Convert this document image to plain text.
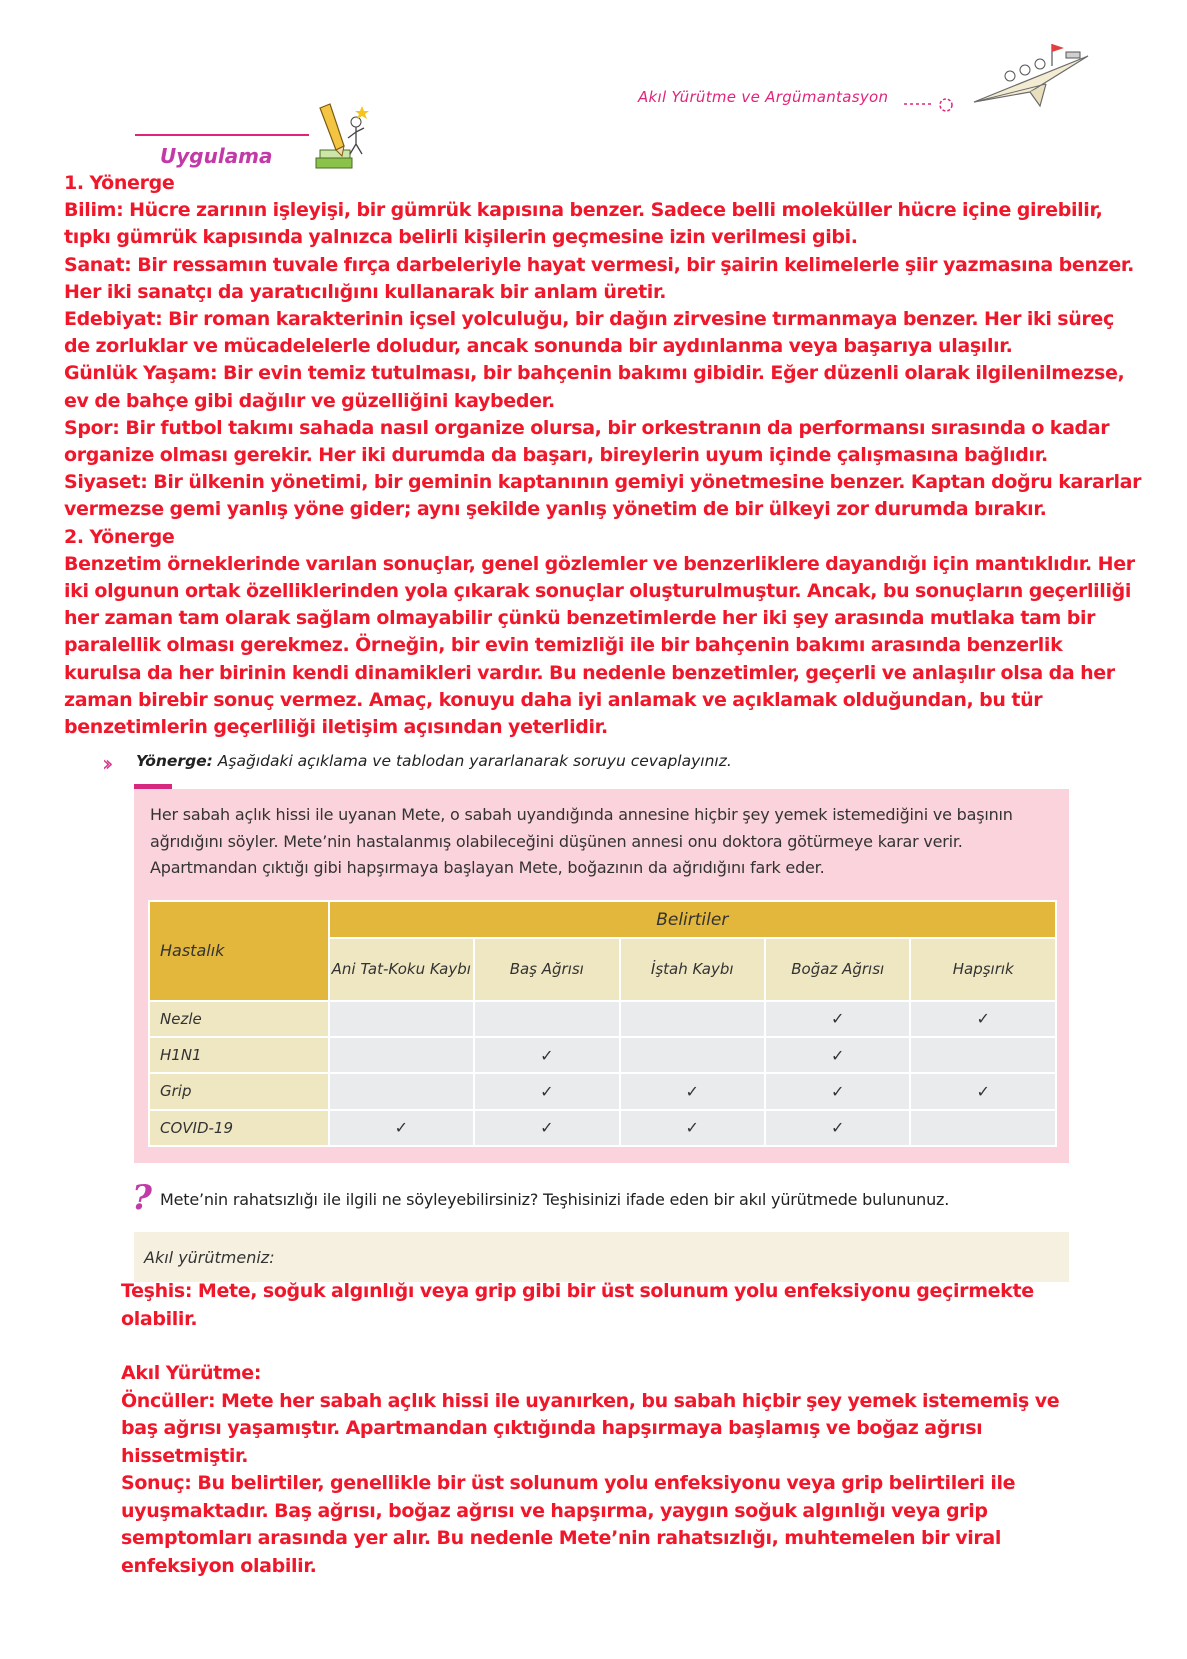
Akıl Yürütme ve Argümantasyon
Uygulama

1. Yönerge

Bilim: Hücre zarının işleyişi, bir gümrük kapısına benzer. Sadece belli moleküller hücre içine girebilir, tıpkı gümrük kapısında yalnızca belirli kişilerin geçmesine izin verilmesi gibi.

Sanat: Bir ressamın tuvale fırça darbeleriyle hayat vermesi, bir şairin kelimelerle şiir yazmasına benzer. Her iki sanatçı da yaratıcılığını kullanarak bir anlam üretir.

Edebiyat: Bir roman karakterinin içsel yolculuğu, bir dağın zirvesine tırmanmaya benzer. Her iki süreç de zorluklar ve mücadelelerle doludur, ancak sonunda bir aydınlanma veya başarıya ulaşılır.

Günlük Yaşam: Bir evin temiz tutulması, bir bahçenin bakımı gibidir. Eğer düzenli olarak ilgilenilmezse, ev de bahçe gibi dağılır ve güzelliğini kaybeder.

Spor: Bir futbol takımı sahada nasıl organize olursa, bir orkestranın da performansı sırasında o kadar organize olması gerekir. Her iki durumda da başarı, bireylerin uyum içinde çalışmasına bağlıdır.

Siyaset: Bir ülkenin yönetimi, bir geminin kaptanının gemiyi yönetmesine benzer. Kaptan doğru kararlar vermezse gemi yanlış yöne gider; aynı şekilde yanlış yönetim de bir ülkeyi zor durumda bırakır.

2. Yönerge

Benzetim örneklerinde varılan sonuçlar, genel gözlemler ve benzerliklere dayandığı için mantıklıdır. Her iki olgunun ortak özelliklerinden yola çıkarak sonuçlar oluşturulmuştur. Ancak, bu sonuçların geçerliliği her zaman tam olarak sağlam olmayabilir çünkü benzetimlerde her iki şey arasında mutlaka tam bir paralellik olması gerekmez. Örneğin, bir evin temizliği ile bir bahçenin bakımı arasında benzerlik kurulsa da her birinin kendi dinamikleri vardır. Bu nedenle benzetimler, geçerli ve anlaşılır olsa da her zaman birebir sonuç vermez. Amaç, konuyu daha iyi anlamak ve açıklamak olduğundan, bu tür benzetimlerin geçerliliği iletişim açısından yeterlidir.

›› Yönerge: Aşağıdaki açıklama ve tablodan yararlanarak soruyu cevaplayınız.
Her sabah açlık hissi ile uyanan Mete, o sabah uyandığında annesine hiçbir şey yemek istemediğini ve başının ağrıdığını söyler. Mete’nin hastalanmış olabileceğini düşünen annesi onu doktora götürmeye karar verir. Apartmandan çıktığı gibi hapşırmaya başlayan Mete, boğazının da ağrıdığını fark eder.
Hastalık	Belirtiler				
	Ani Tat-Koku Kaybı	Baş Ağrısı	İştah Kaybı	Boğaz Ağrısı	Hapşırık
Nezle				✓	✓
H1N1		✓		✓	
Grip		✓	✓	✓	✓
COVID-19	✓	✓	✓	✓	
? Mete’nin rahatsızlığı ile ilgili ne söyleyebilirsiniz? Teşhisinizi ifade eden bir akıl yürütmede bulununuz.
Akıl yürütmeniz:

Teşhis: Mete, soğuk algınlığı veya grip gibi bir üst solunum yolu enfeksiyonu geçirmekte olabilir.

Akıl Yürütme:

Öncüller: Mete her sabah açlık hissi ile uyanırken, bu sabah hiçbir şey yemek istememiş ve baş ağrısı yaşamıştır. Apartmandan çıktığında hapşırmaya başlamış ve boğaz ağrısı hissetmiştir.

Sonuç: Bu belirtiler, genellikle bir üst solunum yolu enfeksiyonu veya grip belirtileri ile uyuşmaktadır. Baş ağrısı, boğaz ağrısı ve hapşırma, yaygın soğuk algınlığı veya grip semptomları arasında yer alır. Bu nedenle Mete’nin rahatsızlığı, muhtemelen bir viral enfeksiyon olabilir.
